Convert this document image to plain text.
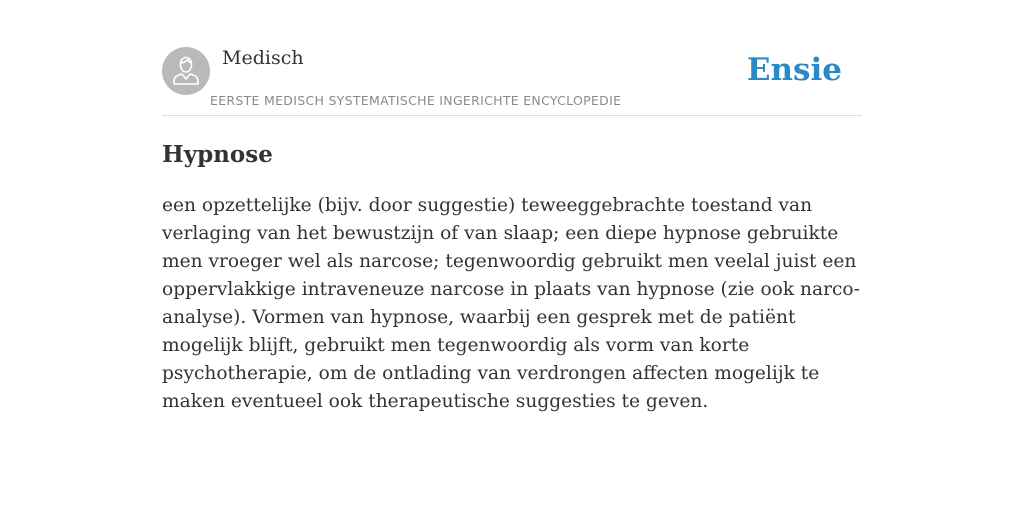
Medisch
EERSTE MEDISCH SYSTEMATISCHE INGERICHTE ENCYCLOPEDIE
Ensie
Hypnose

een opzettelijke (bijv. door suggestie) teweeggebrachte toestand van verlaging van het bewustzijn of van slaap; een diepe hypnose gebruikte men vroeger wel als narcose; tegenwoordig gebruikt men veelal juist een oppervlakkige intraveneuze narcose in plaats van hypnose (zie ook narco-analyse). Vormen van hypnose, waarbij een gesprek met de patiënt mogelijk blijft, gebruikt men tegenwoordig als vorm van korte psychotherapie, om de ontlading van verdrongen affecten mogelijk te maken eventueel ook therapeutische suggesties te geven.
